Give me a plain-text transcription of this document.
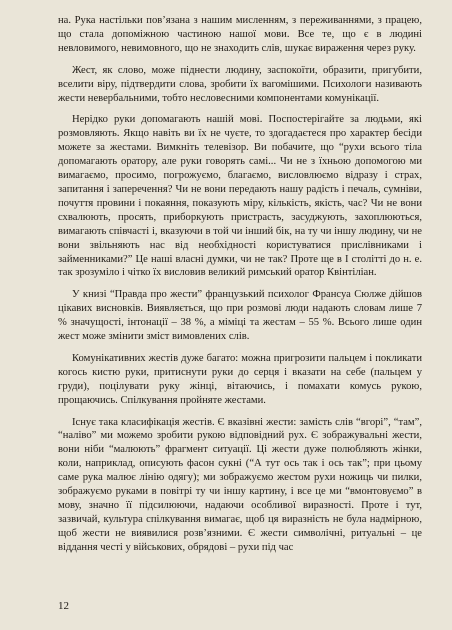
на. Рука настільки пов’язана з нашим мисленням, з переживаннями, з працею, що стала допоміжною частиною нашої мови. Все те, що є в людині невловимого, невимовного, що не знаходить слів, шукає вираження через руку.

Жест, як слово, може піднести людину, заспокоїти, образити, пригубити, вселити віру, підтвердити слова, зробити їх вагомішими. Психологи називають жести невербальними, тобто несловесними компонентами комунікації.

Нерідко руки допомагають нашій мові. Поспостерігайте за людьми, які розмовляють. Якщо навіть ви їх не чуєте, то здогадаєтеся про характер бесіди можете за жестами. Вимкніть телевізор. Ви побачите, що “рухи всього тіла допомагають оратору, але руки говорять самі... Чи не з їхньою допомогою ми вимагаємо, просимо, погрожуємо, благаємо, висловлюємо відразу і страх, запитання і заперечення? Чи не вони передають нашу радість і печаль, сумніви, почуття провини і покаяння, показують міру, кількість, якість, час? Чи не вони схвалюють, просять, приборкують пристрасть, засуджують, захоплюються, вимагають співчасті і, вказуючи в той чи інший бік, на ту чи іншу людину, чи не вони звільняють нас від необхідності користуватися прислівниками і займенниками?” Це наші власні думки, чи не так? Проте ще в І столітті до н. е. так зрозуміло і чітко їх висловив великий римський оратор Квінтіліан.

У книзі “Правда про жести” французький психолог Франсуа Сюлже дійшов цікавих висновків. Виявляється, що при розмові люди надають словам лише 7 % значущості, інтонації – 38 %, а міміці та жестам – 55 %. Всього лише один жест може змінити зміст вимовлених слів.

Комунікативних жестів дуже багато: можна пригрозити пальцем і покликати когось кистю руки, притиснути руки до серця і вказати на себе (пальцем у груди), поцілувати руку жінці, вітаючись, і помахати комусь рукою, прощаючись. Спілкування пройняте жестами.

Існує така класифікація жестів. Є вказівні жести: замість слів “вгорі”, “там”, “наліво” ми можемо зробити рукою відповідний рух. Є зображувальні жести, вони ніби “малюють” фрагмент ситуації. Ці жести дуже полюбляють жінки, коли, наприклад, описують фасон сукні (“А тут ось так і ось так”; при цьому саме рука малює лінію одягу); ми зображуємо жестом рухи ножиць чи пилки, зображуємо руками в повітрі ту чи іншу картину, і все це ми “вмонтовуємо” в мову, значно її підсилюючи, надаючи особливої виразності. Проте і тут, зазвичай, культура спілкування вимагає, щоб ця виразність не була надмірною, щоб жести не виявилися розв’язними. Є жести символічні, ритуальні – це віддання честі у військових, обрядові – рухи під час

12
